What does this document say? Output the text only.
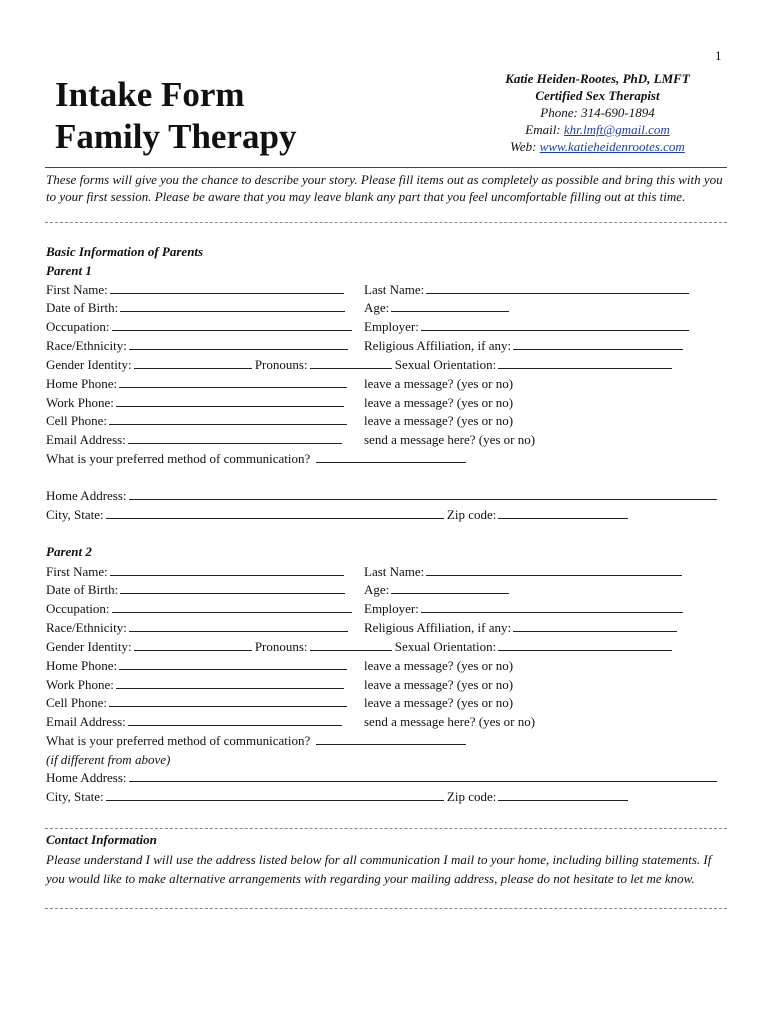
1
Intake Form
Family Therapy
Katie Heiden-Rootes, PhD, LMFT
Certified Sex Therapist
Phone: 314-690-1894
Email: khr.lmft@gmail.com
Web: www.katieheidenrootes.com
These forms will give you the chance to describe your story. Please fill items out as completely as possible and bring this with you to your first session. Please be aware that you may leave blank any part that you feel uncomfortable filling out at this time.
Basic Information of Parents
Parent 1
First Name:	Last Name:
Date of Birth:	Age:
Occupation:	Employer:
Race/Ethnicity:	Religious Affiliation, if any:
Gender Identity:	Pronouns:	Sexual Orientation:
Home Phone:	leave a message? (yes or no)
Work Phone:	leave a message? (yes or no)
Cell Phone:	leave a message? (yes or no)
Email Address:	send a message here? (yes or no)
What is your preferred method of communication?
Home Address:
City, State:	Zip code:
Parent 2
First Name:	Last Name:
Date of Birth:	Age:
Occupation:	Employer:
Race/Ethnicity:	Religious Affiliation, if any:
Gender Identity:	Pronouns:	Sexual Orientation:
Home Phone:	leave a message? (yes or no)
Work Phone:	leave a message? (yes or no)
Cell Phone:	leave a message? (yes or no)
Email Address:	send a message here? (yes or no)
What is your preferred method of communication?
(if different from above)
Home Address:
City, State:	Zip code:
Contact Information
Please understand I will use the address listed below for all communication I mail to your home, including billing statements. If you would like to make alternative arrangements with regarding your mailing address, please do not hesitate to let me know.
